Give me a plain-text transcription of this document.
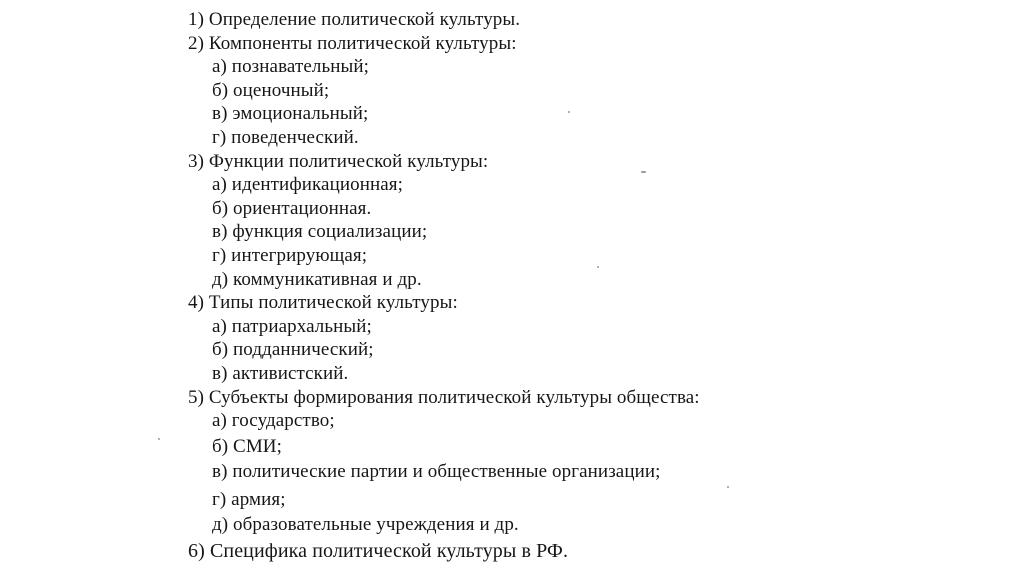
1) Определение политической культуры.
2) Компоненты политической культуры:
а) познавательный;
б) оценочный;
в) эмоциональный;
г) поведенческий.
3) Функции политической культуры:
а) идентификационная;
б) ориентационная.
в) функция социализации;
г) интегрирующая;
д) коммуникативная и др.
4) Типы политической культуры:
а) патриархальный;
б) подданнический;
в) активистский.
5) Субъекты формирования политической культуры общества:
а) государство;
б) СМИ;
в) политические партии и общественные организации;
г) армия;
д) образовательные учреждения и др.
6) Специфика политической культуры в РФ.
